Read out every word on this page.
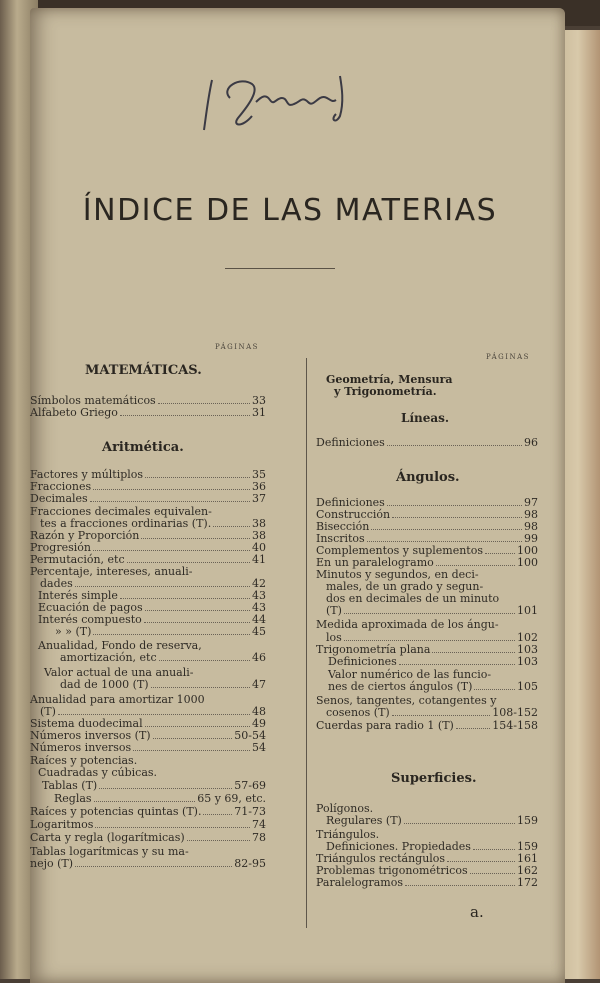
ÍNDICE DE LAS MATERIAS
PÁGINAS
MATEMÁTICAS.
Símbolos matemáticos	33
Alfabeto Griego	31
Aritmética.
Factores y múltiplos	35
Fracciones	36
Decimales	37
Fracciones decimales equivalen-
tes a fracciones ordinarias (T).	38
Razón y Proporción	38
Progresión	40
Permutación, etc	41
Percentaje, intereses, anuali-
dades	42
Interés simple	43
Ecuación de pagos	43
Interés compuesto	44
» » (T)	45
Anualidad, Fondo de reserva,
amortización, etc	46
Valor actual de una anuali-
dad de 1000 (T)	47
Anualidad para amortizar 1000
(T)	48
Sistema duodecimal	49
Números inversos (T)	50-54
Números inversos	54
Raíces y potencias.
Cuadradas y cúbicas.
Tablas (T)	57-69
Reglas	65 y 69, etc.
Raíces y potencias quintas (T).	71-73
Logaritmos	74
Carta y regla (logarítmicas)	78
Tablas logarítmicas y su ma-
nejo (T)	82-95
PÁGINAS
Geometría, Mensura
y Trigonometría.
Líneas.
Definiciones	96
Ángulos.
Definiciones	97
Construcción	98
Bisección	98
Inscritos	99
Complementos y suplementos	100
En un paralelogramo	100
Minutos y segundos, en deci-
males, de un grado y segun-
dos en decimales de un minuto
(T)	101
Medida aproximada de los ángu-
los	102
Trigonometría plana	103
Definiciones	103
Valor numérico de las funcio-
nes de ciertos ángulos (T)	105
Senos, tangentes, cotangentes y
cosenos (T)	108-152
Cuerdas para radio 1 (T)	154-158
Superficies.
Polígonos.
Regulares (T)	159
Triángulos.
Definiciones. Propiedades	159
Triángulos rectángulos	161
Problemas trigonométricos	162
Paralelogramos	172
a.
